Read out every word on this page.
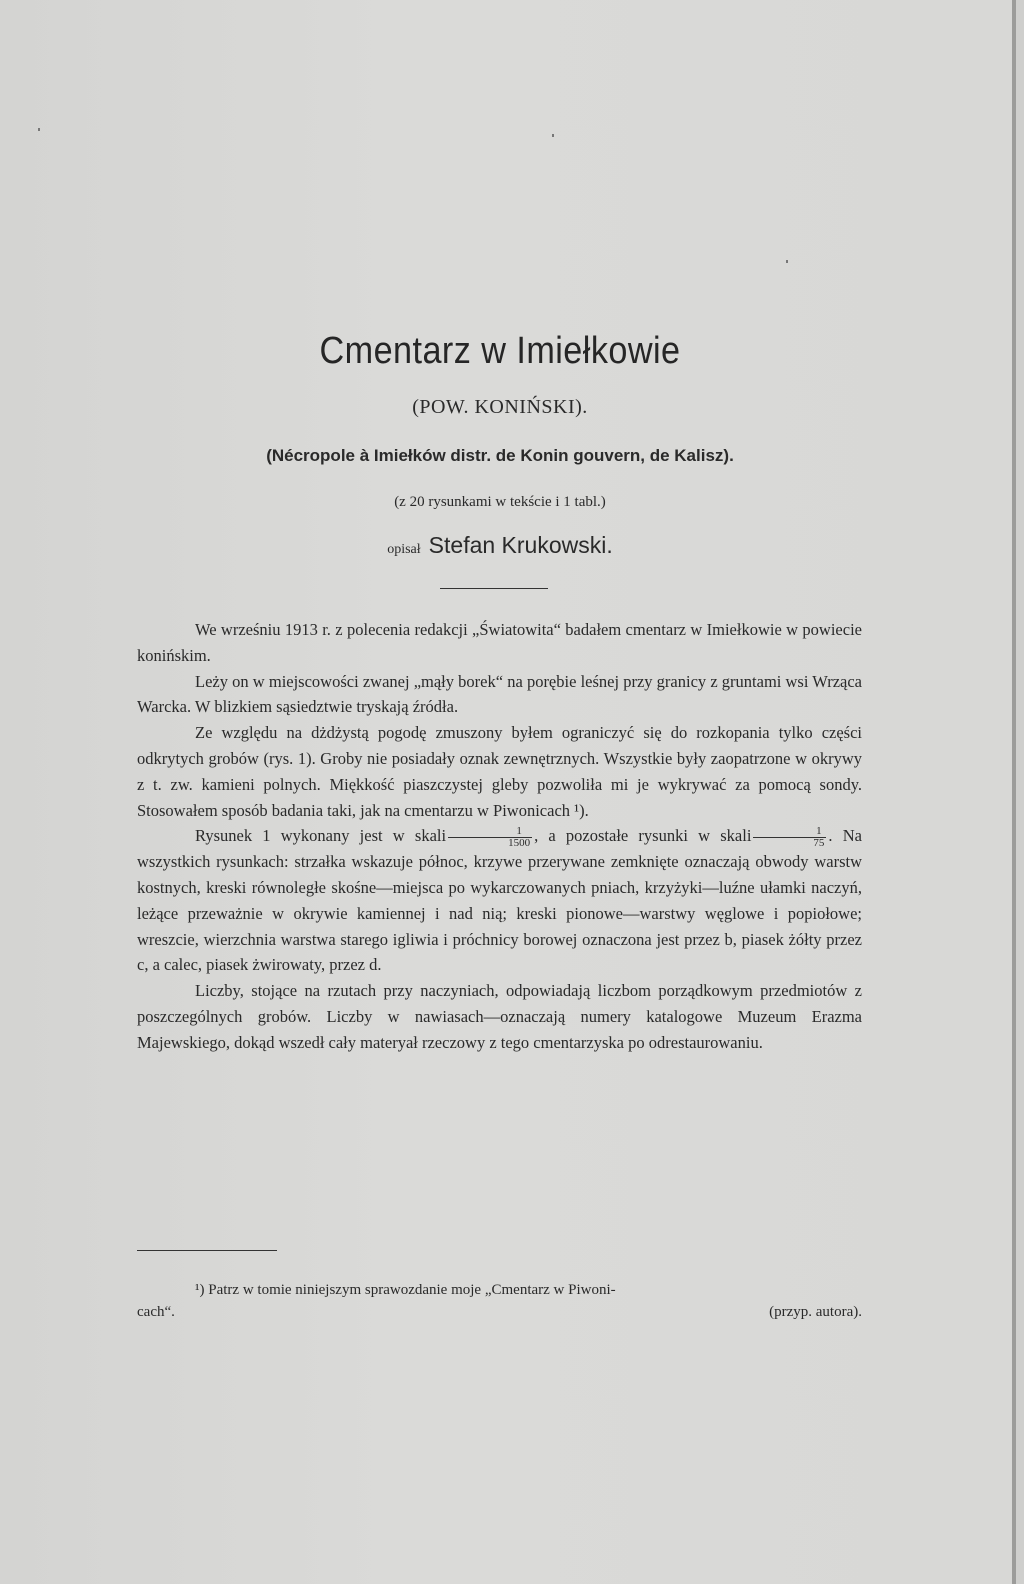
Cmentarz w Imiełkowie
(POW. KONIŃSKI).
(Nécropole à Imiełków distr. de Konin gouvern, de Kalisz).
(z 20 rysunkami w tekście i 1 tabl.)
opisał Stefan Krukowski.

We wrześniu 1913 r. z polecenia redakcji „Światowita“ badałem cmentarz w Imiełkowie w powiecie konińskim.

Leży on w miejscowości zwanej „mąły borek“ na porębie leśnej przy granicy z gruntami wsi Wrząca Warcka. W blizkiem sąsiedztwie tryskają źródła.

Ze względu na dżdżystą pogodę zmuszony byłem ograniczyć się do rozkopania tylko części odkrytych grobów (rys. 1). Groby nie posiadały oznak zewnętrznych. Wszystkie były zaopatrzone w okrywy z t. zw. kamieni polnych. Miękkość piaszczystej gleby pozwoliła mi je wykrywać za pomocą sondy. Stosowałem sposób badania taki, jak na cmentarzu w Piwonicach ¹).

Rysunek 1 wykonany jest w skali $\frac{1}{1500}$ , a pozostałe rysunki w skali $\frac{1}{75}$ . Na wszystkich rysunkach: strzałka wskazuje północ, krzywe przerywane zemknięte oznaczają obwody warstw kostnych, kreski równoległe skośne—miejsca po wykarczowanych pniach, krzyżyki—luźne ułamki naczyń, leżące przeważnie w okrywie kamiennej i nad nią; kreski pionowe—warstwy węglowe i popiołowe; wreszcie, wierzchnia warstwa starego igliwia i próchnicy borowej oznaczona jest przez b, piasek żółty przez c, a calec, piasek żwirowaty, przez d.

Liczby, stojące na rzutach przy naczyniach, odpowiadają liczbom porządkowym przedmiotów z poszczególnych grobów. Liczby w nawiasach—oznaczają numery katalogowe Muzeum Erazma Majewskiego, dokąd wszedł cały materyał rzeczowy z tego cmentarzyska po odrestaurowaniu.

¹) Patrz w tomie niniejszym sprawozdanie moje „Cmentarz w Piwoni-

cach“.	(przyp. autora).
